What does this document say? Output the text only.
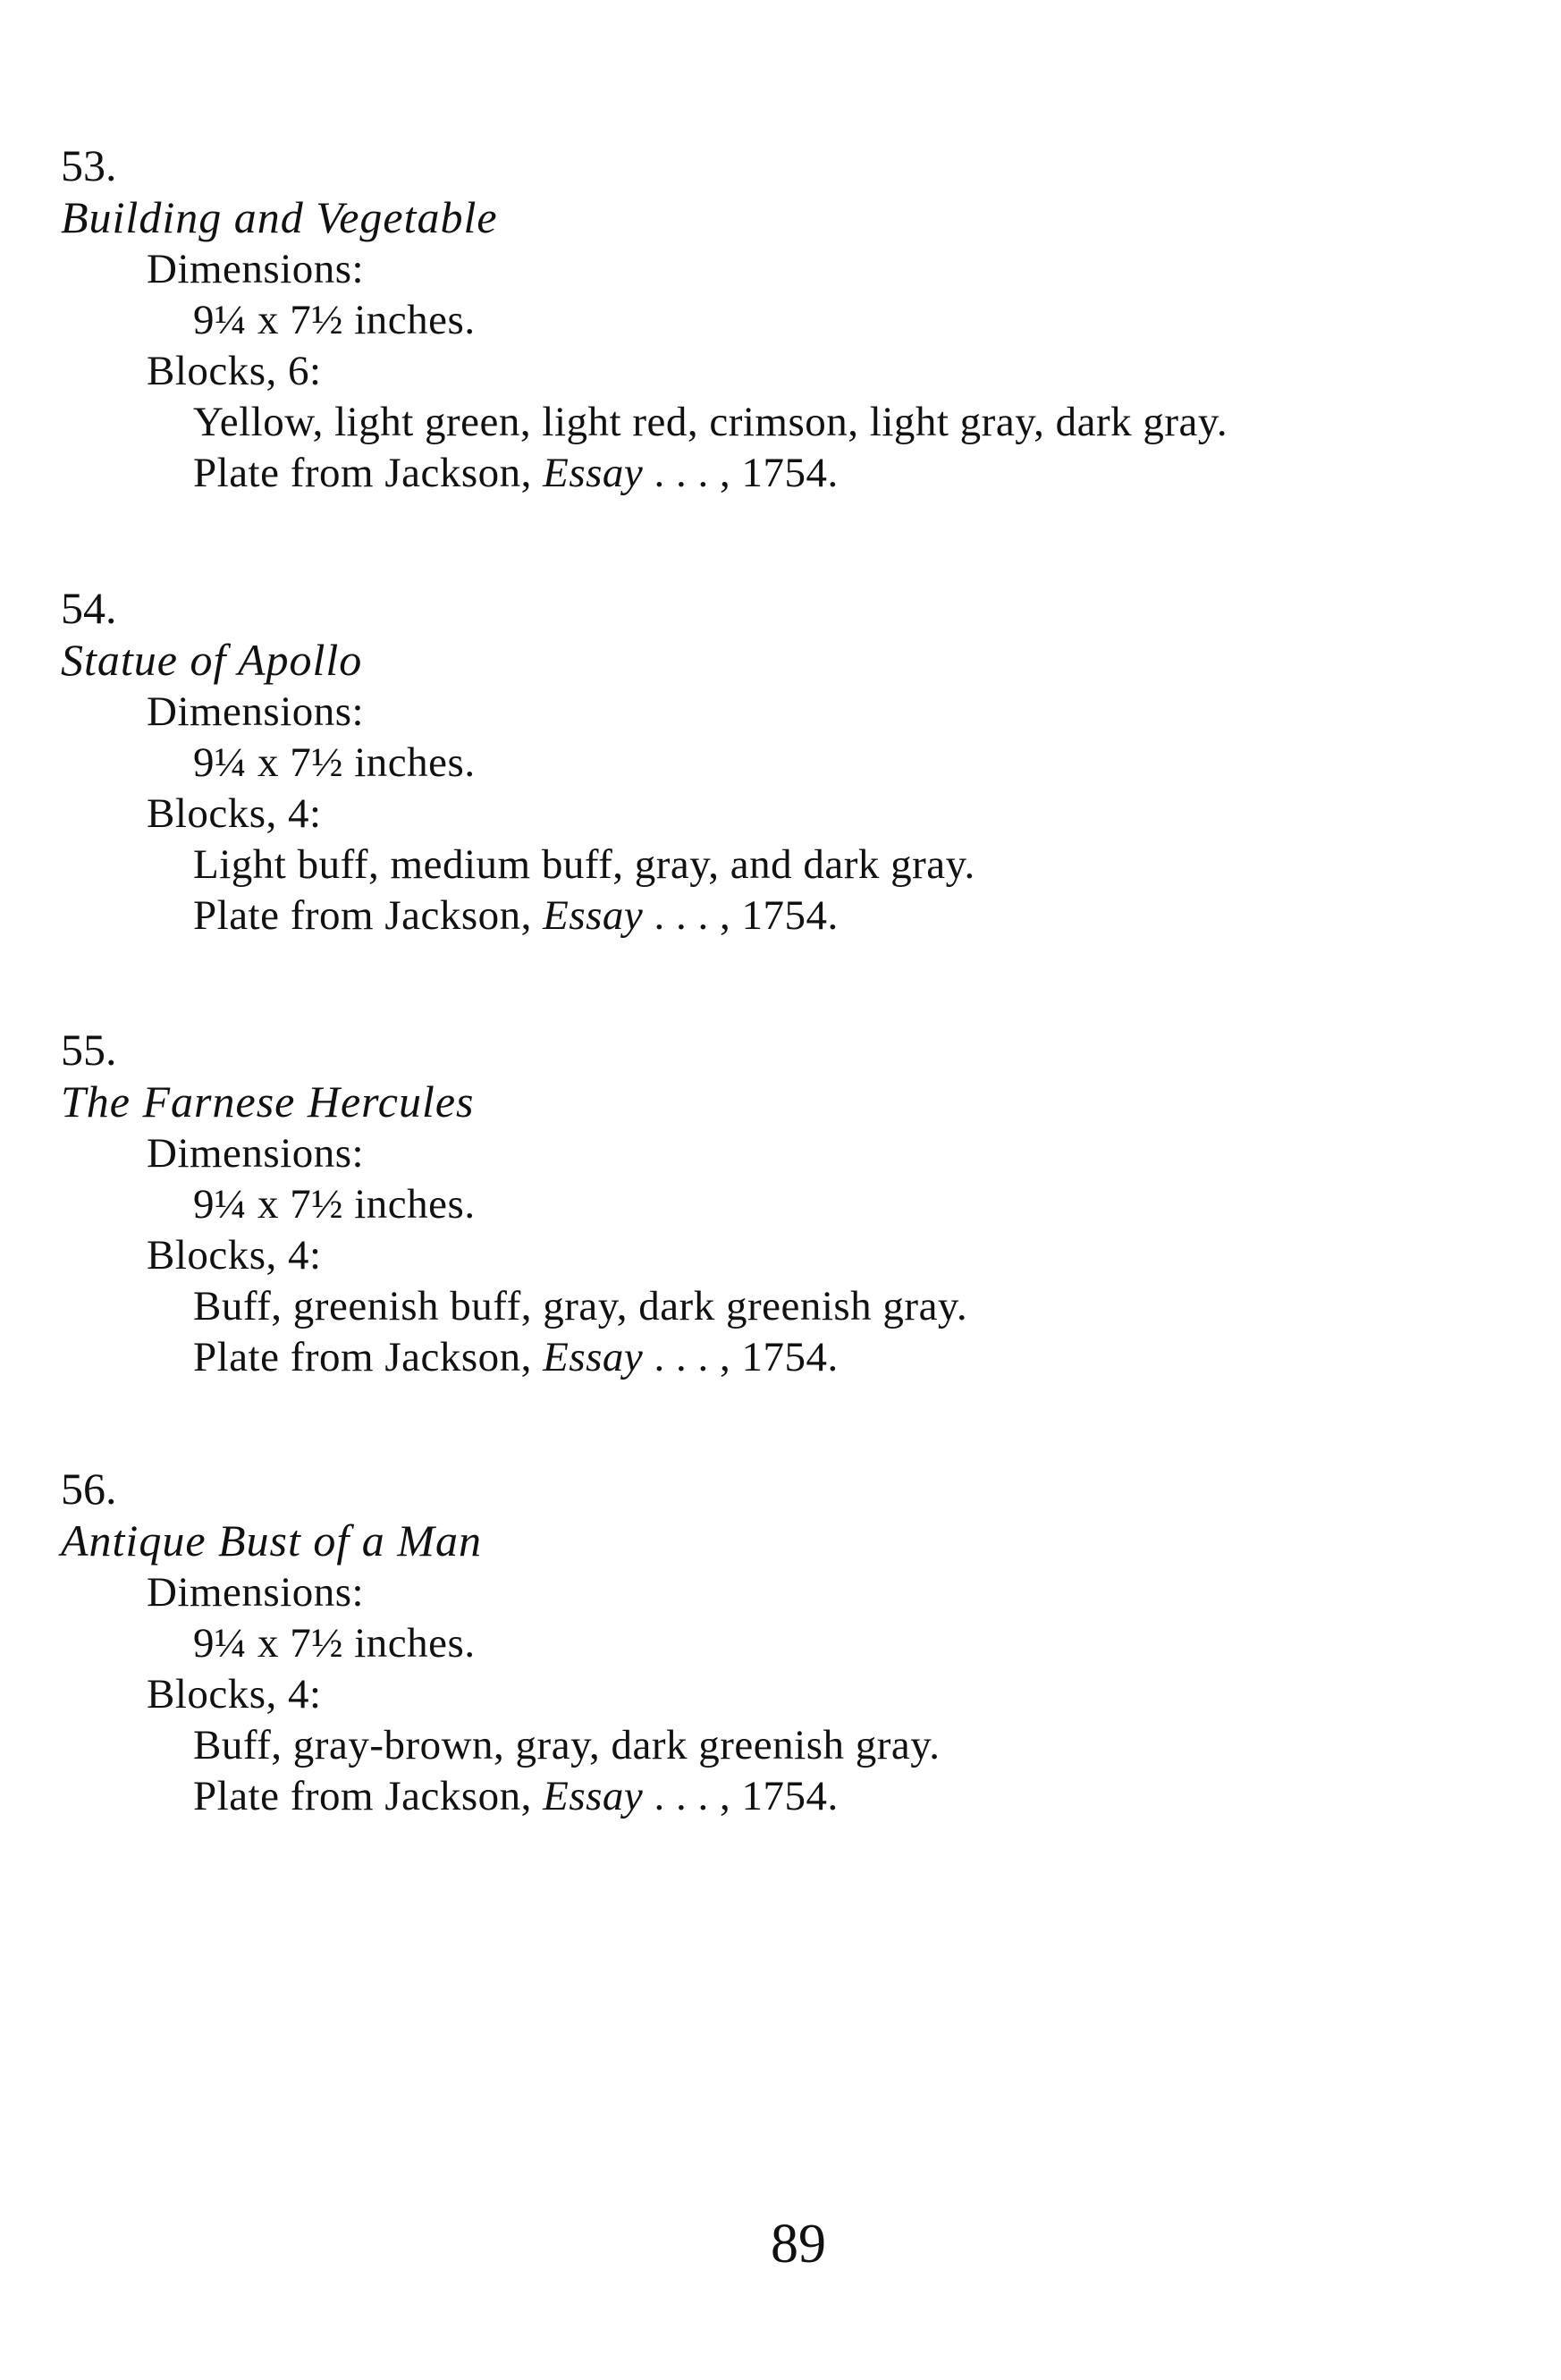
53.
Building and Vegetable
Dimensions:
9¼ x 7½ inches.
Blocks, 6:
Yellow, light green, light red, crimson, light gray, dark gray.
Plate from Jackson, Essay . . . , 1754.
54.
Statue of Apollo
Dimensions:
9¼ x 7½ inches.
Blocks, 4:
Light buff, medium buff, gray, and dark gray.
Plate from Jackson, Essay . . . , 1754.
55.
The Farnese Hercules
Dimensions:
9¼ x 7½ inches.
Blocks, 4:
Buff, greenish buff, gray, dark greenish gray.
Plate from Jackson, Essay . . . , 1754.
56.
Antique Bust of a Man
Dimensions:
9¼ x 7½ inches.
Blocks, 4:
Buff, gray-brown, gray, dark greenish gray.
Plate from Jackson, Essay . . . , 1754.
89
